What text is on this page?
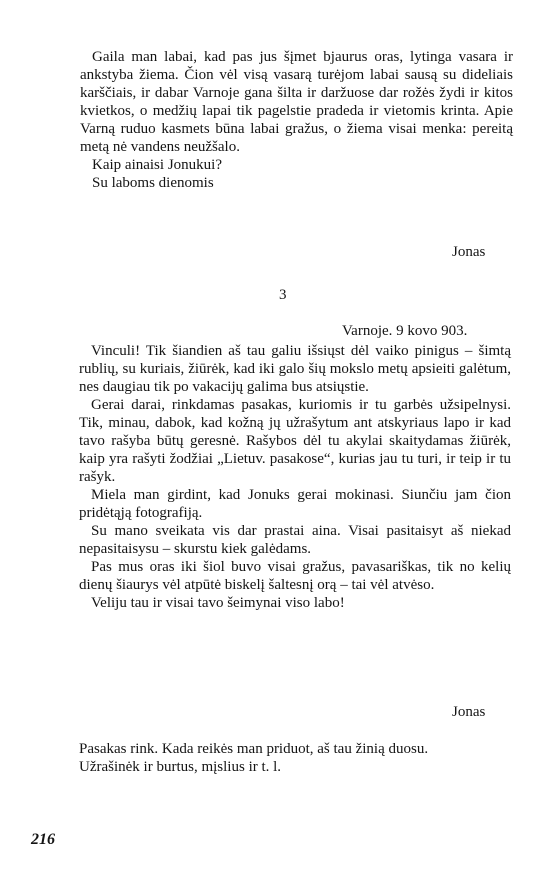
Gaila man labai, kad pas jus šįmet bjaurus oras, lytinga vasara ir ankstyba žiema. Čion vėl visą vasarą turėjom labai sausą su dideliais karščiais, ir dabar Varnoje gana šilta ir daržuose dar rožės žydi ir kitos kvietkos, o medžių lapai tik pagelstie pradeda ir vietomis krinta. Apie Varną ruduo kasmets būna labai gražus, o žiema visai menka: pereitą metą nė vandens neužšalo.

Kaip ainaisi Jonukui?

Su laboms dienomis

Jonas
3
Varnoje. 9 kovo 903.

Vinculi! Tik šiandien aš tau galiu išsiųst dėl vaiko pinigus – šimtą rublių, su kuriais, žiūrėk, kad iki galo šių mokslo metų apsieiti galėtum, nes daugiau tik po vakacijų galima bus atsiųstie.

Gerai darai, rinkdamas pasakas, kuriomis ir tu garbės užsipelnysi. Tik, minau, dabok, kad kožną jų užrašytum ant atskyriaus lapo ir kad tavo rašyba būtų geresnė. Rašybos dėl tu akylai skaitydamas žiūrėk, kaip yra rašyti žodžiai „Lietuv. pasakose“, kurias jau tu turi, ir teip ir tu rašyk.

Miela man girdint, kad Jonuks gerai mokinasi. Siunčiu jam čion pridėtąją fotografiją.

Su mano sveikata vis dar prastai aina. Visai pasitaisyt aš niekad nepasitaisysu – skurstu kiek galėdams.

Pas mus oras iki šiol buvo visai gražus, pavasariškas, tik no kelių dienų šiaurys vėl atpūtė biskelį šaltesnį orą – tai vėl atvėso.

Veliju tau ir visai tavo šeimynai viso labo!

Jonas

Pasakas rink. Kada reikės man priduot, aš tau žinią duosu.

Užrašinėk ir burtus, mįslius ir t. l.

216
